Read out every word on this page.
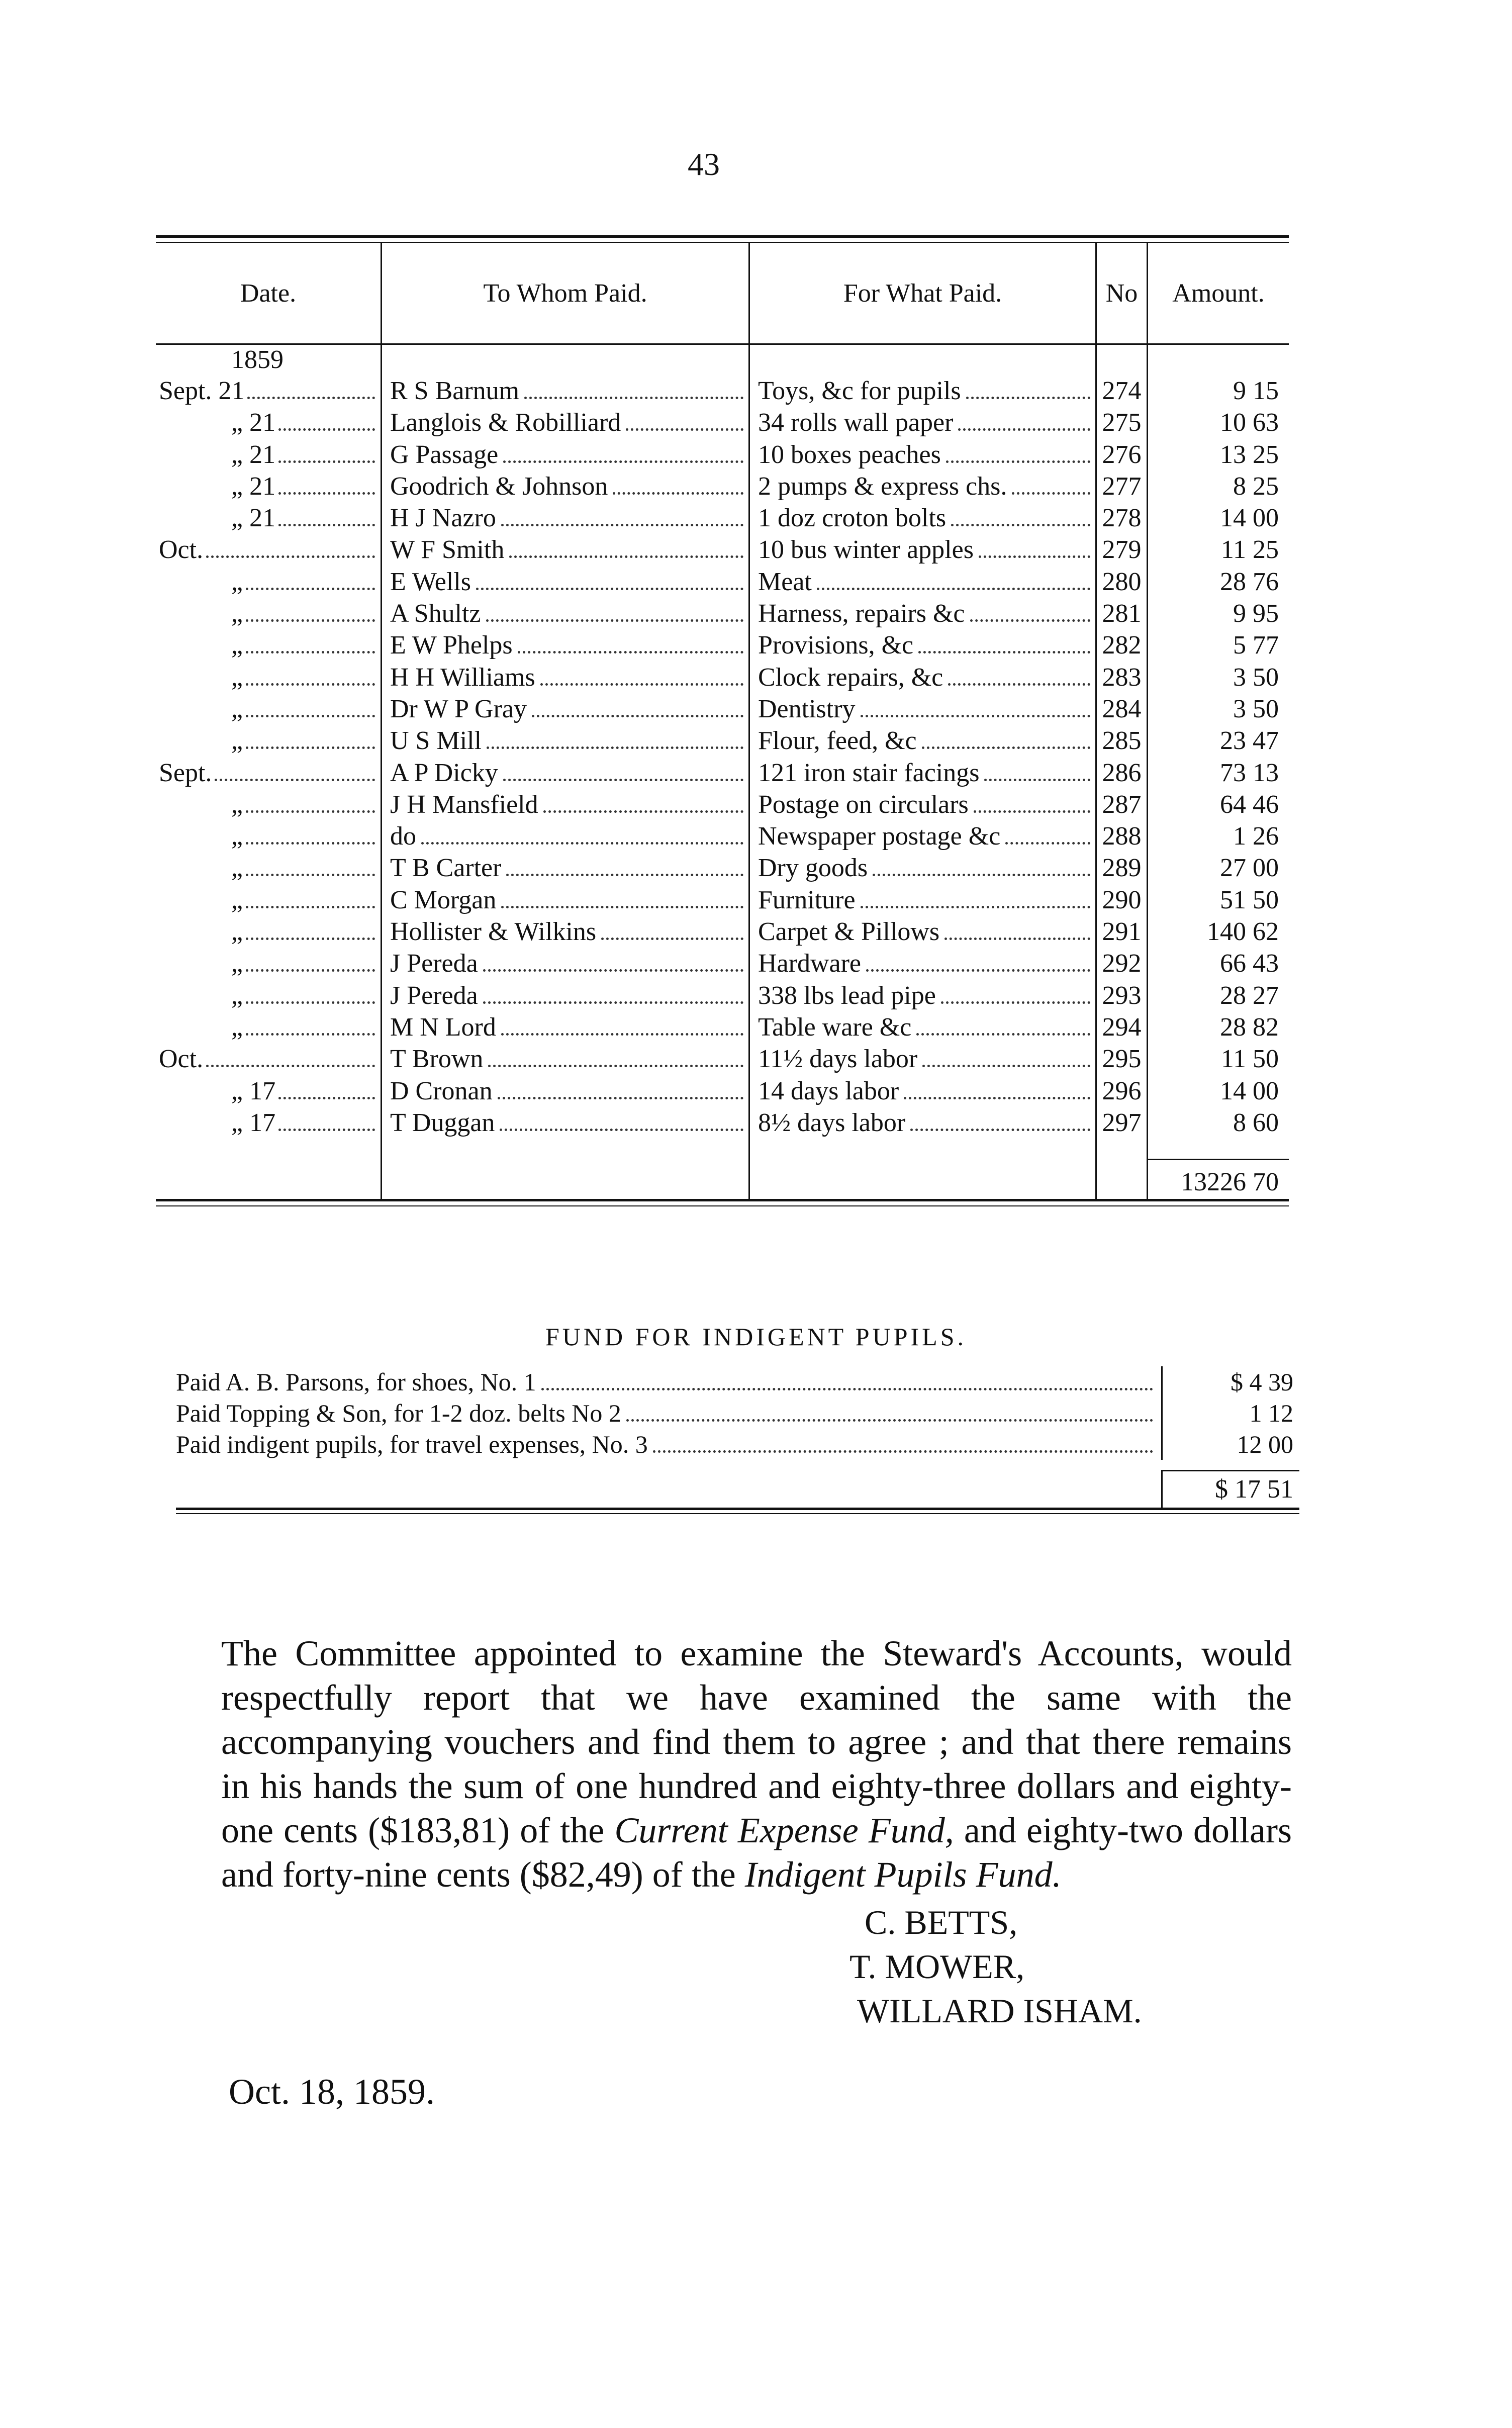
43
Date.	To Whom Paid.	For What Paid.	No	Amount.
1859
Sept. 21	R S Barnum	Toys, &c for pupils	274	9 15
„ 21	Langlois & Robilliard	34 rolls wall paper	275	10 63
„ 21	G Passage	10 boxes peaches	276	13 25
„ 21	Goodrich & Johnson	2 pumps & express chs.	277	8 25
„ 21	H J Nazro	1 doz croton bolts	278	14 00
Oct.	W F Smith	10 bus winter apples	279	11 25
„	E Wells	Meat	280	28 76
„	A Shultz	Harness, repairs &c	281	9 95
„	E W Phelps	Provisions, &c	282	5 77
„	H H Williams	Clock repairs, &c	283	3 50
„	Dr W P Gray	Dentistry	284	3 50
„	U S Mill	Flour, feed, &c	285	23 47
Sept.	A P Dicky	121 iron stair facings	286	73 13
„	J H Mansfield	Postage on circulars	287	64 46
„	do	Newspaper postage &c	288	1 26
„	T B Carter	Dry goods	289	27 00
„	C Morgan	Furniture	290	51 50
„	Hollister & Wilkins	Carpet & Pillows	291	140 62
„	J Pereda	Hardware	292	66 43
„	J Pereda	338 lbs lead pipe	293	28 27
„	M N Lord	Table ware &c	294	28 82
Oct.	T Brown	11½ days labor	295	11 50
„ 17	D Cronan	14 days labor	296	14 00
„ 17	T Duggan	8½ days labor	297	8 60
13226 70
FUND FOR INDIGENT PUPILS.
Paid A. B. Parsons, for shoes, No. 1	$ 4 39
Paid Topping & Son, for 1-2 doz. belts No 2	1 12
Paid indigent pupils, for travel expenses, No. 3	12 00
$ 17 51
The Committee appointed to examine the Steward's Accounts, would respectfully report that we have examined the same with the accompanying vouchers and find them to agree ; and that there remains in his hands the sum of one hundred and eighty-three dollars and eighty-one cents ($183,81) of the Current Expense Fund, and eighty-two dollars and forty-nine cents ($82,49) of the Indigent Pupils Fund.
C. BETTS,
T. MOWER,
WILLARD ISHAM.
Oct. 18, 1859.
